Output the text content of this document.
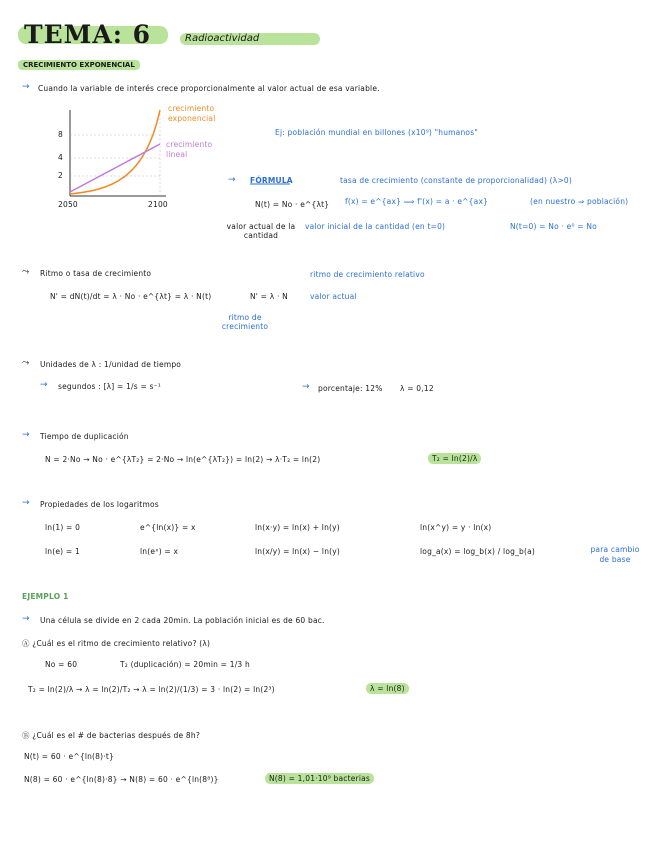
TEMA: 6	Radioactividad
CRECIMIENTO EXPONENCIAL
→ Cuando la variable de interés crece proporcionalmente al valor actual de esa variable.
8
4
2
2050	2100
crecimiento exponencial
crecimiento lineal
Ej: población mundial en billones (x10⁹) "humanos"
→ FÓRMULA	tasa de crecimiento (constante de proporcionalidad) (λ>0)
N(t) = No · e^{λt} f(x) = e^{ax} ⟹ f'(x) = a · e^{ax}	(en nuestro ⇒ población)
valor actual de la cantidad
valor inicial de la cantidad (en t=0)	N(t=0) = No · e⁰ = No
⤳ Ritmo o tasa de crecimiento	ritmo de crecimiento relativo
N' = dN(t)/dt = λ · No · e^{λt} = λ · N(t)	N' = λ · N	valor actual
ritmo de crecimiento
⤳ Unidades de λ : 1/unidad de tiempo
→ segundos : [λ] = 1/s = s⁻¹	→ porcentaje: 12% λ = 0,12
→ Tiempo de duplicación
N = 2·No → No · e^{λT₂} = 2·No → ln(e^{λT₂}) = ln(2) → λ·T₂ = ln(2)	T₂ = ln(2)/λ
→ Propiedades de los logaritmos
ln(1) = 0	e^{ln(x)} = x	ln(x·y) = ln(x) + ln(y)	ln(x^y) = y · ln(x)
ln(e) = 1	ln(eˣ) = x	ln(x/y) = ln(x) − ln(y)	log_a(x) = log_b(x) / log_b(a)	para cambio de base
EJEMPLO 1
→ Una célula se divide en 2 cada 20min. La población inicial es de 60 bac.
Ⓐ ¿Cuál es el ritmo de crecimiento relativo? (λ)
No = 60	T₂ (duplicación) = 20min = 1/3 h
T₂ = ln(2)/λ → λ = ln(2)/T₂ → λ = ln(2)/(1/3) = 3 · ln(2) = ln(2³)	λ = ln(8)
Ⓑ ¿Cuál es el # de bacterias después de 8h?
N(t) = 60 · e^{ln(8)·t}
N(8) = 60 · e^{ln(8)·8} → N(8) = 60 · e^{ln(8⁸)}	N(8) = 1,01·10⁹ bacterias
